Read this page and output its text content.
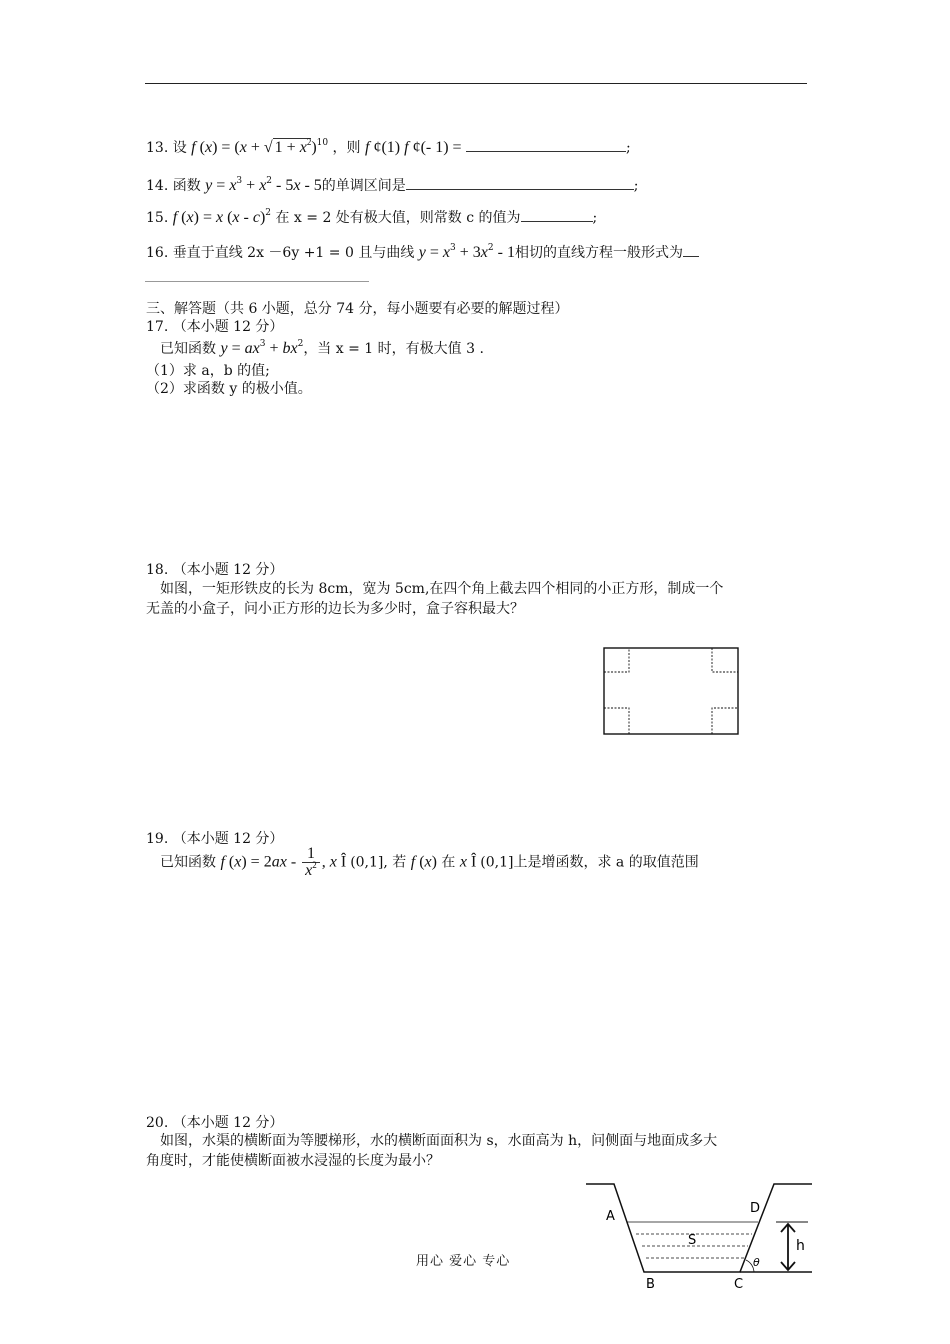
13. 设 f (x) = (x + √ $1 + x^2)^{10}$ ，则 f ¢(1) f ¢(- 1) =	;
14. 函数 $y = x^3 + x^2 - 5x - 5$的单调区间是	;
15. f (x) = x (x - c)$^2$ 在 x = 2 处有极大值，则常数 c 的值为	;
16. 垂直于直线 2x －6y +1 = 0 且与曲线 $y = x^3 + 3x^2 - 1$相切的直线方程一般形式为
三、解答题（共 6 小题，总分 74 分，每小题要有必要的解题过程）
17. （本小题 12 分）
已知函数 $y = ax^3 + bx^2$，当 x = 1 时，有极大值 3 .
（1）求 a，b 的值;
（2）求函数 y 的极小值。
18. （本小题 12 分）
如图，一矩形铁皮的长为 8cm，宽为 5cm,在四个角上截去四个相同的小正方形，制成一个
无盖的小盒子，问小正方形的边长为多少时，盒子容积最大？
19. （本小题 12 分）
已知函数 f $(x) = 2ax - \frac{1}{x^2}$ , x Î (0,1], 若 f (x) 在 x Î (0,1]上是增函数，求 a 的取值范围
20. （本小题 12 分）
如图，水渠的横断面为等腰梯形，水的横断面面积为 s，水面高为 h，问侧面与地面成多大
角度时，才能使横断面被水浸湿的长度为最小？
A
B	C
D
S	h
θ
用心 爱心 专心
